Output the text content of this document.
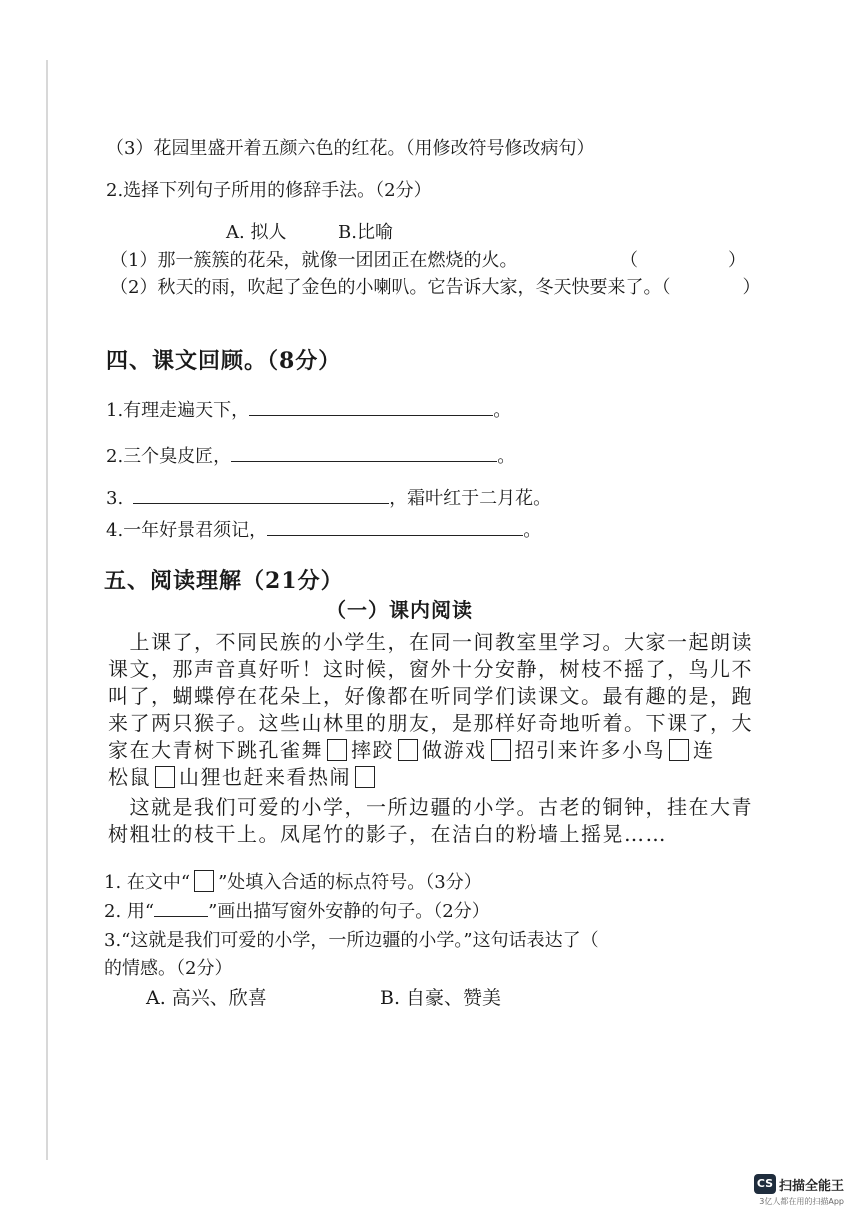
（3）花园里盛开着五颜六色的红花。（用修改符号修改病句）
2.选择下列句子所用的修辞手法。（2分）
A. 拟人	B.比喻
（1）那一簇簇的花朵，就像一团团正在燃烧的火。	（　　　　　）
（2）秋天的雨，吹起了金色的小喇叭。它告诉大家，冬天快要来了。（　　　　）
四、课文回顾。（8分）
1.有理走遍天下，	。
2.三个臭皮匠，	。
3.	，霜叶红于二月花。
4.一年好景君须记，	。
五、阅读理解（21分）
（一）课内阅读
　上课了，不同民族的小学生，在同一间教室里学习。大家一起朗读
课文，那声音真好听！这时候，窗外十分安静，树枝不摇了，鸟儿不
叫了，蝴蝶停在花朵上，好像都在听同学们读课文。最有趣的是，跑
来了两只猴子。这些山林里的朋友，是那样好奇地听着。下课了，大
家在大青树下跳孔雀舞 摔跤 做游戏 招引来许多小鸟 连
松鼠 山狸也赶来看热闹
　这就是我们可爱的小学，一所边疆的小学。古老的铜钟，挂在大青
树粗壮的枝干上。凤尾竹的影子，在洁白的粉墙上摇晃……
1. 在文中“ ”处填入合适的标点符号。（3分）
2. 用“	”画出描写窗外安静的句子。（2分）
3.“这就是我们可爱的小学，一所边疆的小学。”这句话表达了（
的情感。（2分）
A. 高兴、欣喜	B. 自豪、赞美
CS 扫描全能王
3亿人都在用的扫描App
